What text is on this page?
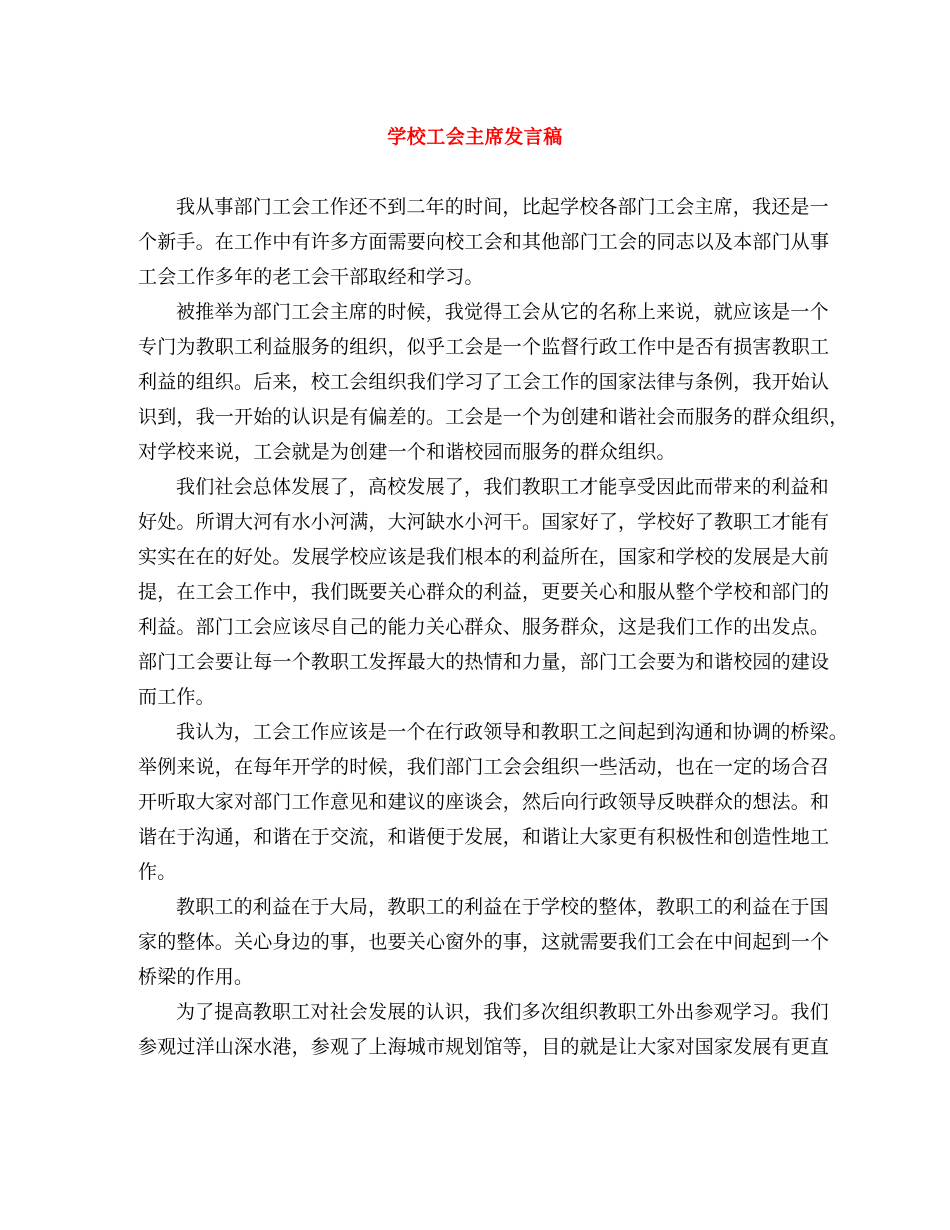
学校工会主席发言稿
我从事部门工会工作还不到二年的时间，比起学校各部门工会主席，我还是一
个新手。在工作中有许多方面需要向校工会和其他部门工会的同志以及本部门从事
工会工作多年的老工会干部取经和学习。
被推举为部门工会主席的时候，我觉得工会从它的名称上来说，就应该是一个
专门为教职工利益服务的组织，似乎工会是一个监督行政工作中是否有损害教职工
利益的组织。后来，校工会组织我们学习了工会工作的国家法律与条例，我开始认
识到，我一开始的认识是有偏差的。工会是一个为创建和谐社会而服务的群众组织，
对学校来说，工会就是为创建一个和谐校园而服务的群众组织。
我们社会总体发展了，高校发展了，我们教职工才能享受因此而带来的利益和
好处。所谓大河有水小河满，大河缺水小河干。国家好了，学校好了教职工才能有
实实在在的好处。发展学校应该是我们根本的利益所在，国家和学校的发展是大前
提，在工会工作中，我们既要关心群众的利益，更要关心和服从整个学校和部门的
利益。部门工会应该尽自己的能力关心群众、服务群众，这是我们工作的出发点。
部门工会要让每一个教职工发挥最大的热情和力量，部门工会要为和谐校园的建设
而工作。
我认为，工会工作应该是一个在行政领导和教职工之间起到沟通和协调的桥梁。
举例来说，在每年开学的时候，我们部门工会会组织一些活动，也在一定的场合召
开听取大家对部门工作意见和建议的座谈会，然后向行政领导反映群众的想法。和
谐在于沟通，和谐在于交流，和谐便于发展，和谐让大家更有积极性和创造性地工
作。
教职工的利益在于大局，教职工的利益在于学校的整体，教职工的利益在于国
家的整体。关心身边的事，也要关心窗外的事，这就需要我们工会在中间起到一个
桥梁的作用。
为了提高教职工对社会发展的认识，我们多次组织教职工外出参观学习。我们
参观过洋山深水港，参观了上海城市规划馆等，目的就是让大家对国家发展有更直
